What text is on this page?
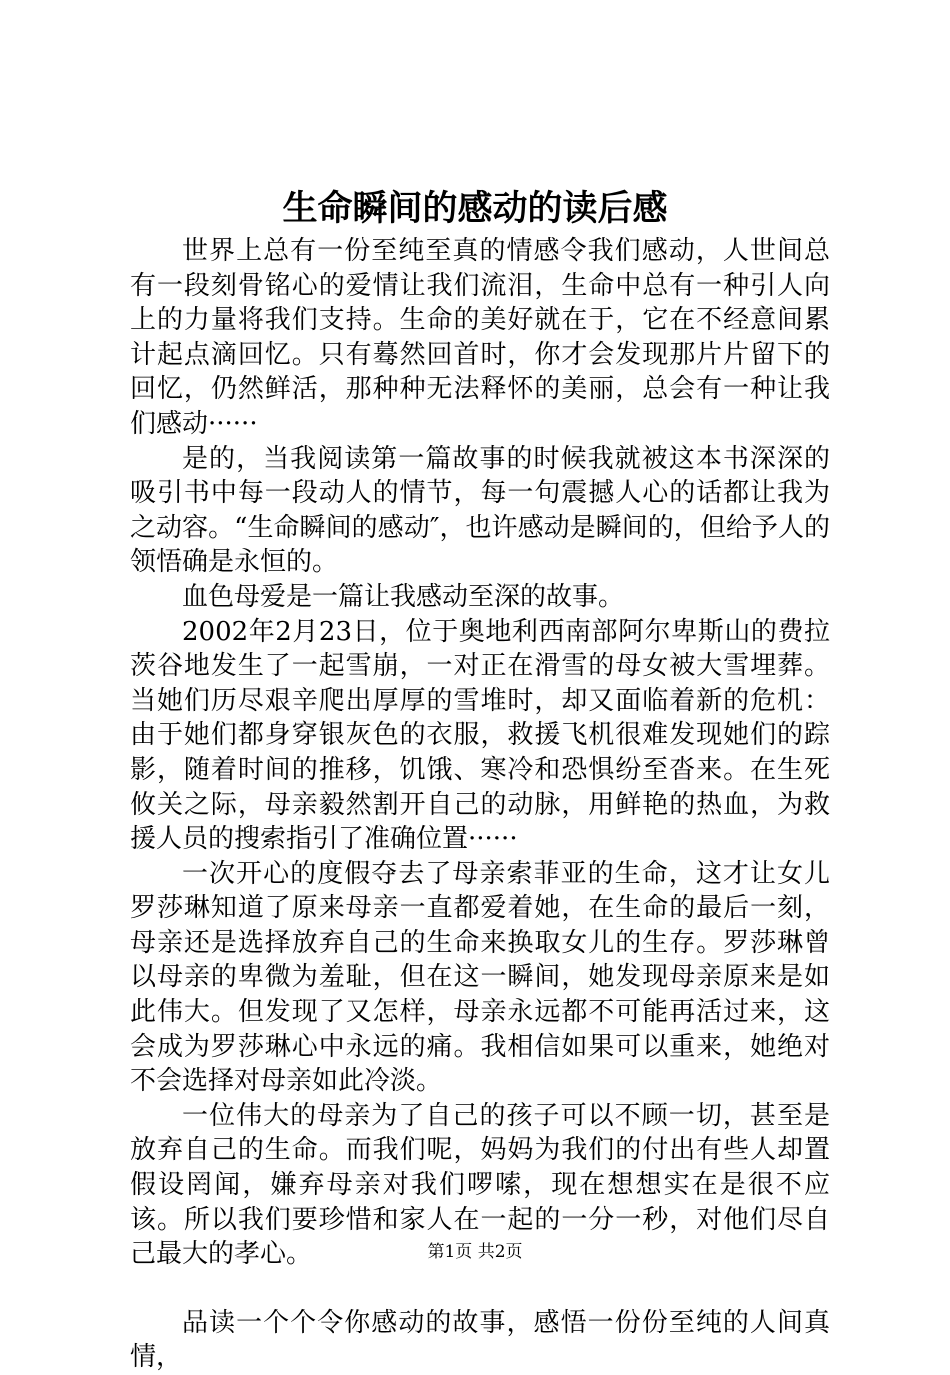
生命瞬间的感动的读后感

世界上总有一份至纯至真的情感令我们感动，人世间总有一段刻骨铭心的爱情让我们流泪，生命中总有一种引人向上的力量将我们支持。生命的美好就在于，它在不经意间累计起点滴回忆。只有蓦然回首时，你才会发现那片片留下的回忆，仍然鲜活，那种种无法释怀的美丽，总会有一种让我们感动······

是的，当我阅读第一篇故事的时候我就被这本书深深的吸引书中每一段动人的情节，每一句震撼人心的话都让我为之动容。“生命瞬间的感动″，也许感动是瞬间的，但给予人的领悟确是永恒的。

血色母爱是一篇让我感动至深的故事。

2002年2月23日，位于奥地利西南部阿尔卑斯山的费拉茨谷地发生了一起雪崩，一对正在滑雪的母女被大雪埋葬。当她们历尽艰辛爬出厚厚的雪堆时，却又面临着新的危机：由于她们都身穿银灰色的衣服，救援飞机很难发现她们的踪影，随着时间的推移，饥饿、寒冷和恐惧纷至沓来。在生死攸关之际，母亲毅然割开自己的动脉，用鲜艳的热血，为救援人员的搜索指引了准确位置······

一次开心的度假夺去了母亲索菲亚的生命，这才让女儿罗莎琳知道了原来母亲一直都爱着她，在生命的最后一刻，母亲还是选择放弃自己的生命来换取女儿的生存。罗莎琳曾以母亲的卑微为羞耻，但在这一瞬间，她发现母亲原来是如此伟大。但发现了又怎样，母亲永远都不可能再活过来，这会成为罗莎琳心中永远的痛。我相信如果可以重来，她绝对不会选择对母亲如此冷淡。

一位伟大的母亲为了自己的孩子可以不顾一切，甚至是放弃自己的生命。而我们呢，妈妈为我们的付出有些人却置假设罔闻，嫌弃母亲对我们啰嗦，现在想想实在是很不应该。所以我们要珍惜和家人在一起的一分一秒，对他们尽自己最大的孝心。

品读一个个令你感动的故事，感悟一份份至纯的人间真情，

第1页 共2页
